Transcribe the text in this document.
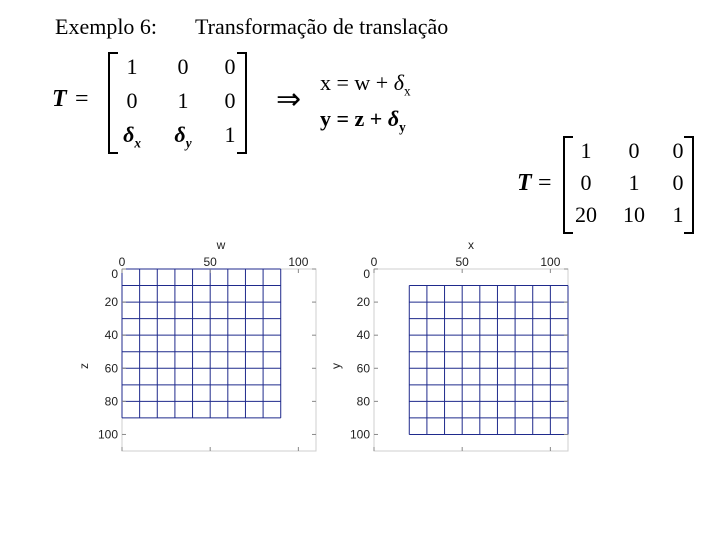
Exemplo 6: Transformação de translação
T =
1	0	0
0	1	0
$\delta_x$	$\delta_y$	1
⇒
$x = w + \delta_x$
$y = z + \delta_y$
T =
1	0	0
0	1	0
20	10	1
0	50	100
0
20
40
60
80
100
w
z
0	50	100
0
20
40
60
80
100
x
y
